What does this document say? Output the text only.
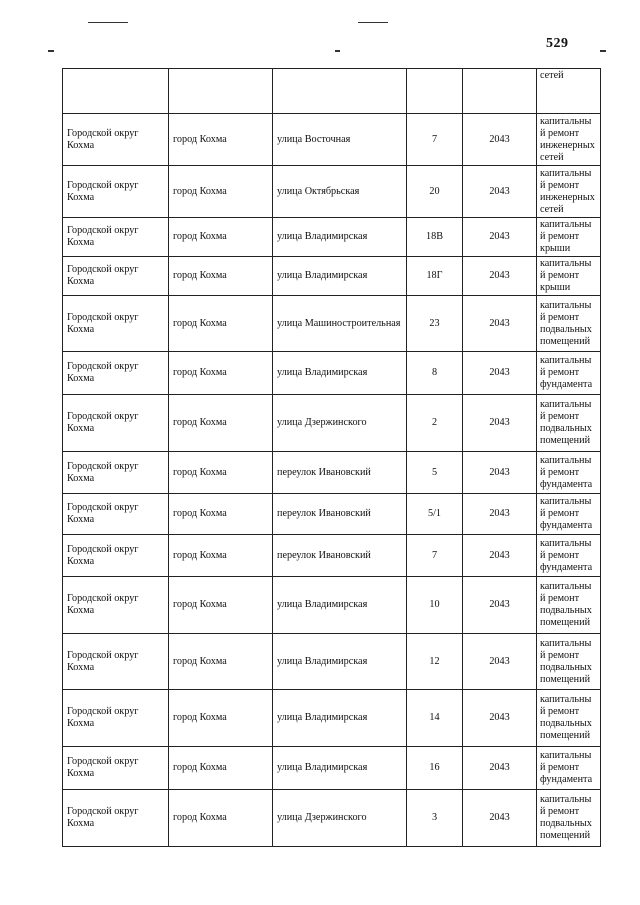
529
					сетей
Городской округ Кохма	город Кохма	улица Восточная	7	2043	капитальный ремонт инженерных сетей
Городской округ Кохма	город Кохма	улица Октябрьская	20	2043	капитальный ремонт инженерных сетей
Городской округ Кохма	город Кохма	улица Владимирская	18В	2043	капитальный ремонт крыши
Городской округ Кохма	город Кохма	улица Владимирская	18Г	2043	капитальный ремонт крыши
Городской округ Кохма	город Кохма	улица Машиностроительная	23	2043	капитальный ремонт подвальных помещений
Городской округ Кохма	город Кохма	улица Владимирская	8	2043	капитальный ремонт фундамента
Городской округ Кохма	город Кохма	улица Дзержинского	2	2043	капитальный ремонт подвальных помещений
Городской округ Кохма	город Кохма	переулок Ивановский	5	2043	капитальный ремонт фундамента
Городской округ Кохма	город Кохма	переулок Ивановский	5/1	2043	капитальный ремонт фундамента
Городской округ Кохма	город Кохма	переулок Ивановский	7	2043	капитальный ремонт фундамента
Городской округ Кохма	город Кохма	улица Владимирская	10	2043	капитальный ремонт подвальных помещений
Городской округ Кохма	город Кохма	улица Владимирская	12	2043	капитальный ремонт подвальных помещений
Городской округ Кохма	город Кохма	улица Владимирская	14	2043	капитальный ремонт подвальных помещений
Городской округ Кохма	город Кохма	улица Владимирская	16	2043	капитальный ремонт фундамента
Городской округ Кохма	город Кохма	улица Дзержинского	3	2043	капитальный ремонт подвальных помещений
